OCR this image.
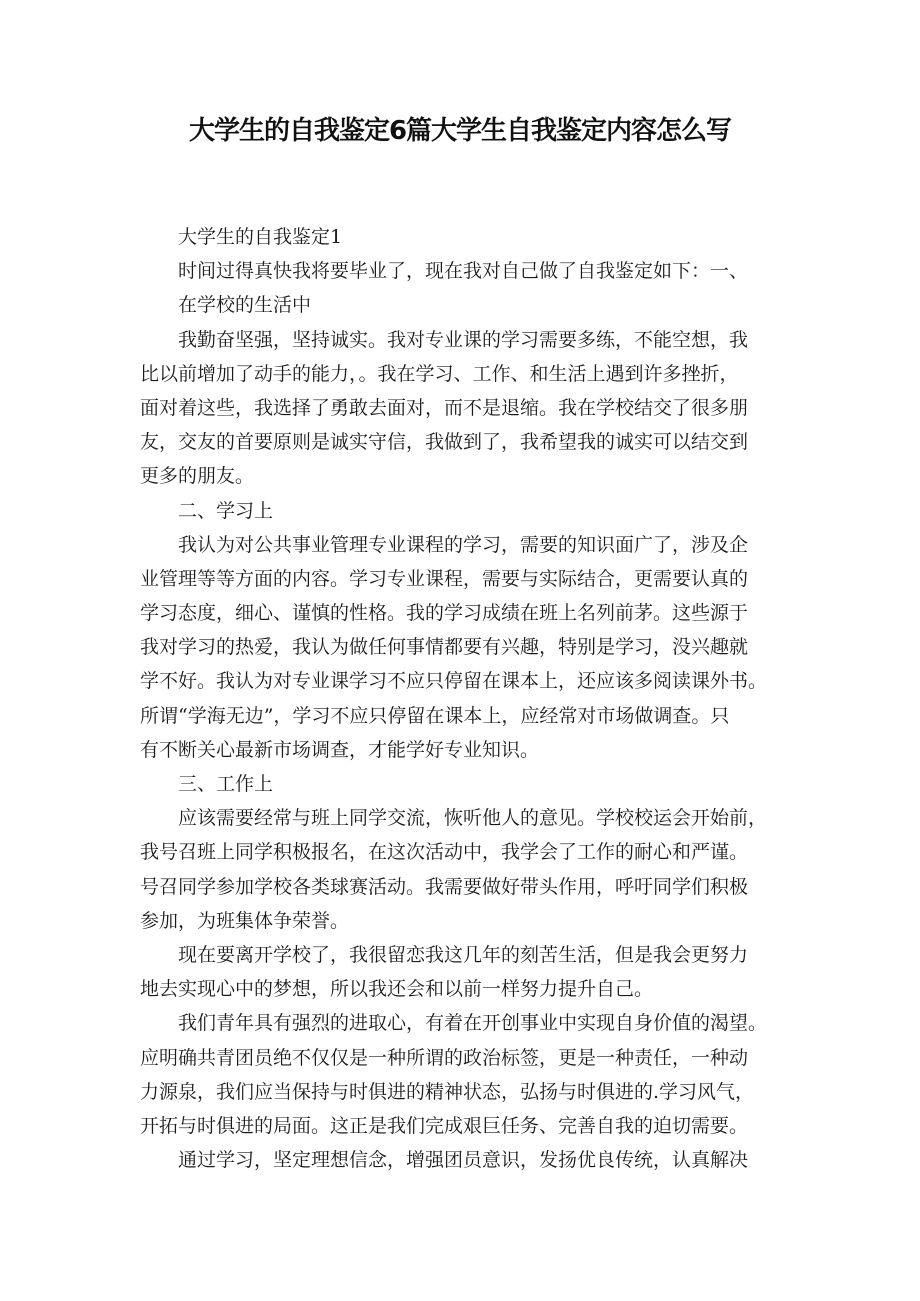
大学生的自我鉴定6篇大学生自我鉴定内容怎么写
大学生的自我鉴定1
时间过得真快我将要毕业了，现在我对自己做了自我鉴定如下：一、
在学校的生活中
我勤奋坚强，坚持诚实。我对专业课的学习需要多练，不能空想，我
比以前增加了动手的能力，。我在学习、工作、和生活上遇到许多挫折，
面对着这些，我选择了勇敢去面对，而不是退缩。我在学校结交了很多朋
友，交友的首要原则是诚实守信，我做到了，我希望我的诚实可以结交到
更多的朋友。
二、学习上
我认为对公共事业管理专业课程的学习，需要的知识面广了，涉及企
业管理等等方面的内容。学习专业课程，需要与实际结合，更需要认真的
学习态度，细心、谨慎的性格。我的学习成绩在班上名列前茅。这些源于
我对学习的热爱，我认为做任何事情都要有兴趣，特别是学习，没兴趣就
学不好。我认为对专业课学习不应只停留在课本上，还应该多阅读课外书。
所谓“学海无边”，学习不应只停留在课本上，应经常对市场做调查。只
有不断关心最新市场调查，才能学好专业知识。
三、工作上
应该需要经常与班上同学交流，恢听他人的意见。学校校运会开始前，
我号召班上同学积极报名，在这次活动中，我学会了工作的耐心和严谨。
号召同学参加学校各类球赛活动。我需要做好带头作用，呼吁同学们积极
参加，为班集体争荣誉。
现在要离开学校了，我很留恋我这几年的刻苦生活，但是我会更努力
地去实现心中的梦想，所以我还会和以前一样努力提升自己。
我们青年具有强烈的进取心，有着在开创事业中实现自身价值的渴望。
应明确共青团员绝不仅仅是一种所谓的政治标签，更是一种责任，一种动
力源泉，我们应当保持与时俱进的精神状态，弘扬与时俱进的.学习风气，
开拓与时俱进的局面。这正是我们完成艰巨任务、完善自我的迫切需要。
通过学习，坚定理想信念，增强团员意识，发扬优良传统，认真解决
